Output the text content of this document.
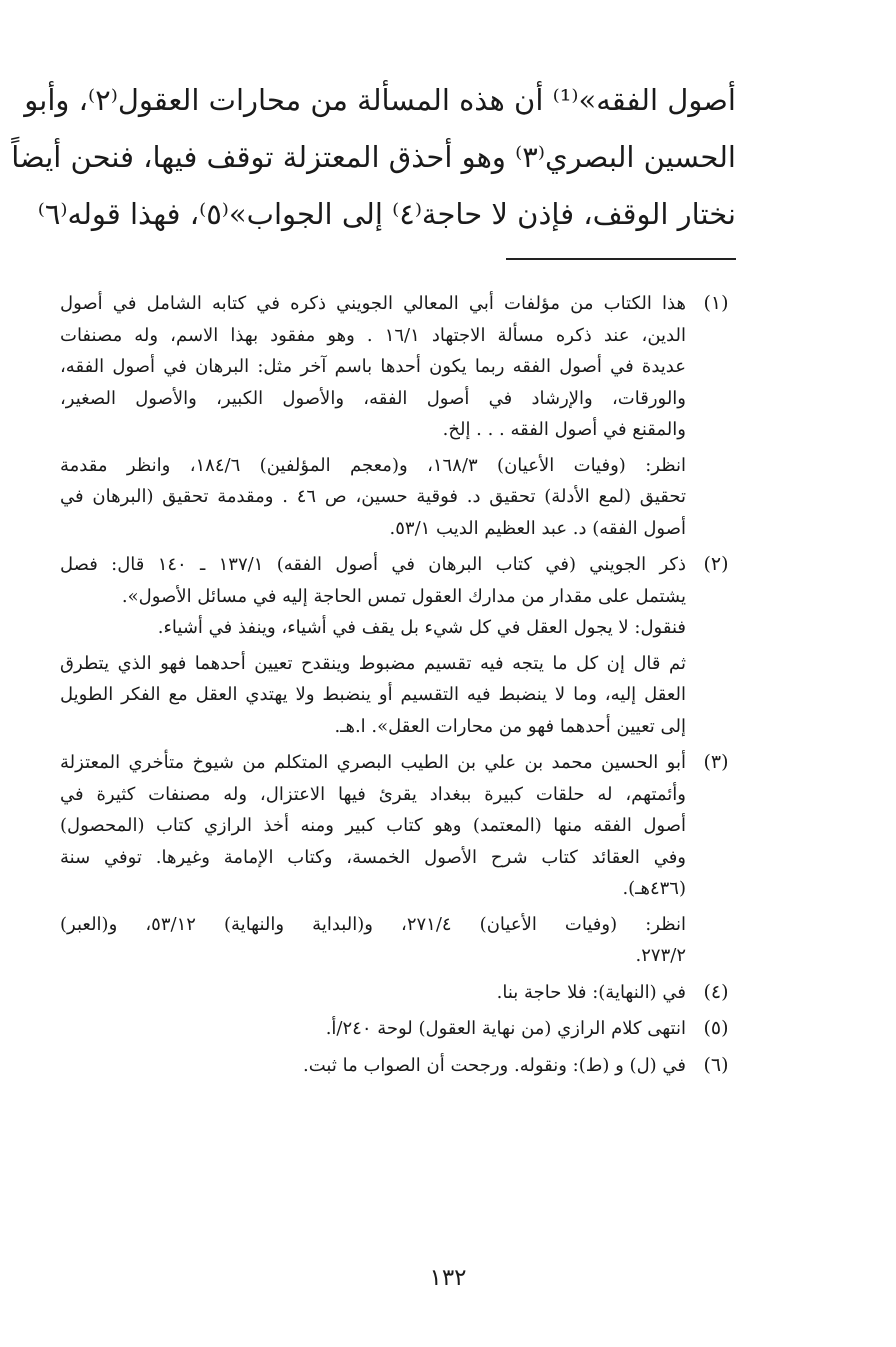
أصول الفقه»⁽¹⁾ أن هذه المسألة من محارات العقول⁽٢⁾، وأبو
الحسين البصري⁽٣⁾ وهو أحذق المعتزلة توقف فيها، فنحن أيضاً
نختار الوقف، فإذن لا حاجة⁽٤⁾ إلى الجواب»⁽٥⁾، فهذا قوله⁽٦⁾
(١)
هذا الكتاب من مؤلفات أبي المعالي الجويني ذكره في كتابه الشامل في أصول
الدين، عند ذكره مسألة الاجتهاد ١٦/١ . وهو مفقود بهذا الاسم، وله مصنفات
عديدة في أصول الفقه ربما يكون أحدها باسم آخر مثل: البرهان في أصول الفقه،
والورقات، والإرشاد في أصول الفقه، والأصول الكبير، والأصول الصغير،
والمقنع في أصول الفقه . . . إلخ.
انظر: (وفيات الأعيان) ١٦٨/٣، و(معجم المؤلفين) ١٨٤/٦، وانظر مقدمة
تحقيق (لمع الأدلة) تحقيق د. فوقية حسين، ص ٤٦ . ومقدمة تحقيق (البرهان في
أصول الفقه) د. عبد العظيم الديب ٥٣/١.
(٢)
ذكر الجويني (في كتاب البرهان في أصول الفقه) ١٣٧/١ ـ ١٤٠ قال: فصل
يشتمل على مقدار من مدارك العقول تمس الحاجة إليه في مسائل الأصول».
فنقول: لا يجول العقل في كل شيء بل يقف في أشياء، وينفذ في أشياء.
ثم قال إن كل ما يتجه فيه تقسيم مضبوط وينقدح تعيين أحدهما فهو الذي يتطرق
العقل إليه، وما لا ينضبط فيه التقسيم أو ينضبط ولا يهتدي العقل مع الفكر الطويل
إلى تعيين أحدهما فهو من محارات العقل». ا.هـ.
(٣)
أبو الحسين محمد بن علي بن الطيب البصري المتكلم من شيوخ متأخري المعتزلة
وأئمتهم، له حلقات كبيرة ببغداد يقرئ فيها الاعتزال، وله مصنفات كثيرة في
أصول الفقه منها (المعتمد) وهو كتاب كبير ومنه أخذ الرازي كتاب (المحصول)
وفي العقائد كتاب شرح الأصول الخمسة، وكتاب الإمامة وغيرها. توفي سنة
(٤٣٦هـ).
انظر: (وفيات الأعيان) ٢٧١/٤، و(البداية والنهاية) ٥٣/١٢، و(العبر)
٢٧٣/٢.
(٤)
في (النهاية): فلا حاجة بنا.
(٥)
انتهى كلام الرازي (من نهاية العقول) لوحة ٢٤٠/أ.
(٦)
في (ل) و (ط): ونقوله. ورجحت أن الصواب ما ثبت.
١٣٢
